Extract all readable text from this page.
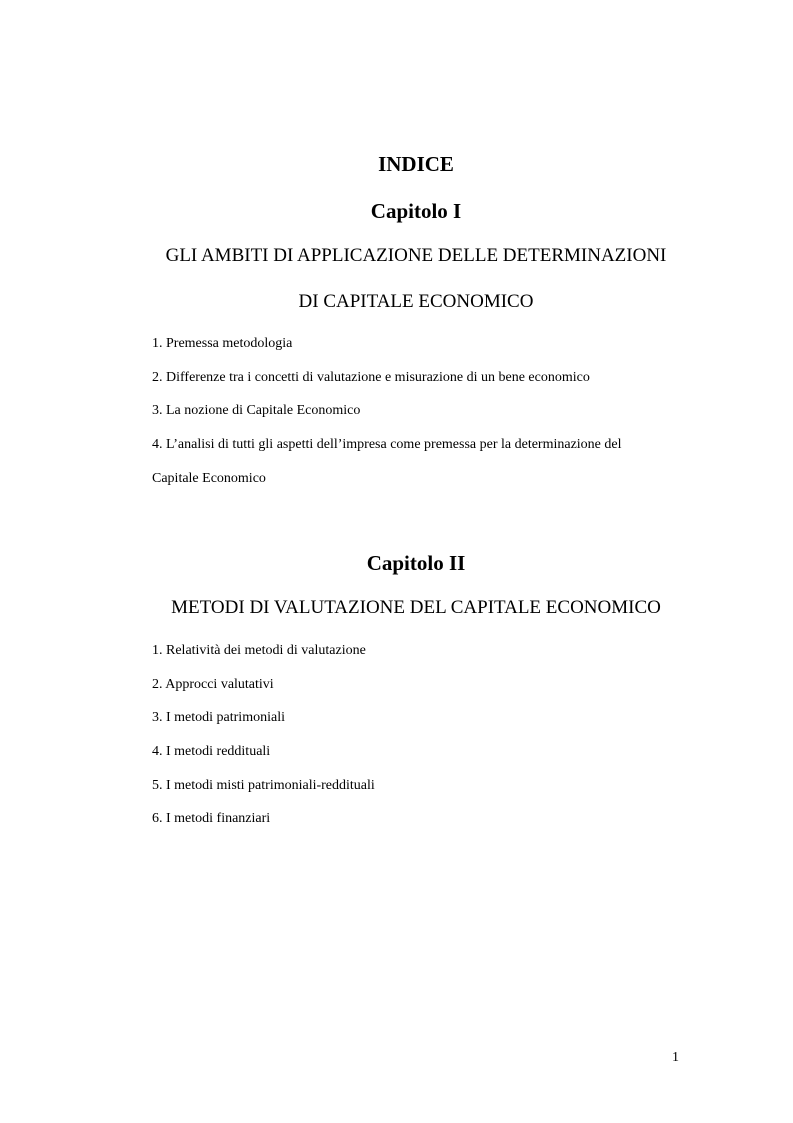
INDICE
Capitolo I
GLI AMBITI DI APPLICAZIONE DELLE DETERMINAZIONI
DI CAPITALE ECONOMICO
1. Premessa metodologia
2. Differenze tra i concetti di valutazione e misurazione di un bene economico
3. La nozione di Capitale Economico
4. L’analisi di tutti gli aspetti dell’impresa come premessa per la determinazione del
Capitale Economico
Capitolo II
METODI DI VALUTAZIONE DEL CAPITALE ECONOMICO
1. Relatività dei metodi di valutazione
2. Approcci valutativi
3. I metodi patrimoniali
4. I metodi reddituali
5. I metodi misti patrimoniali-reddituali
6. I metodi finanziari
1
